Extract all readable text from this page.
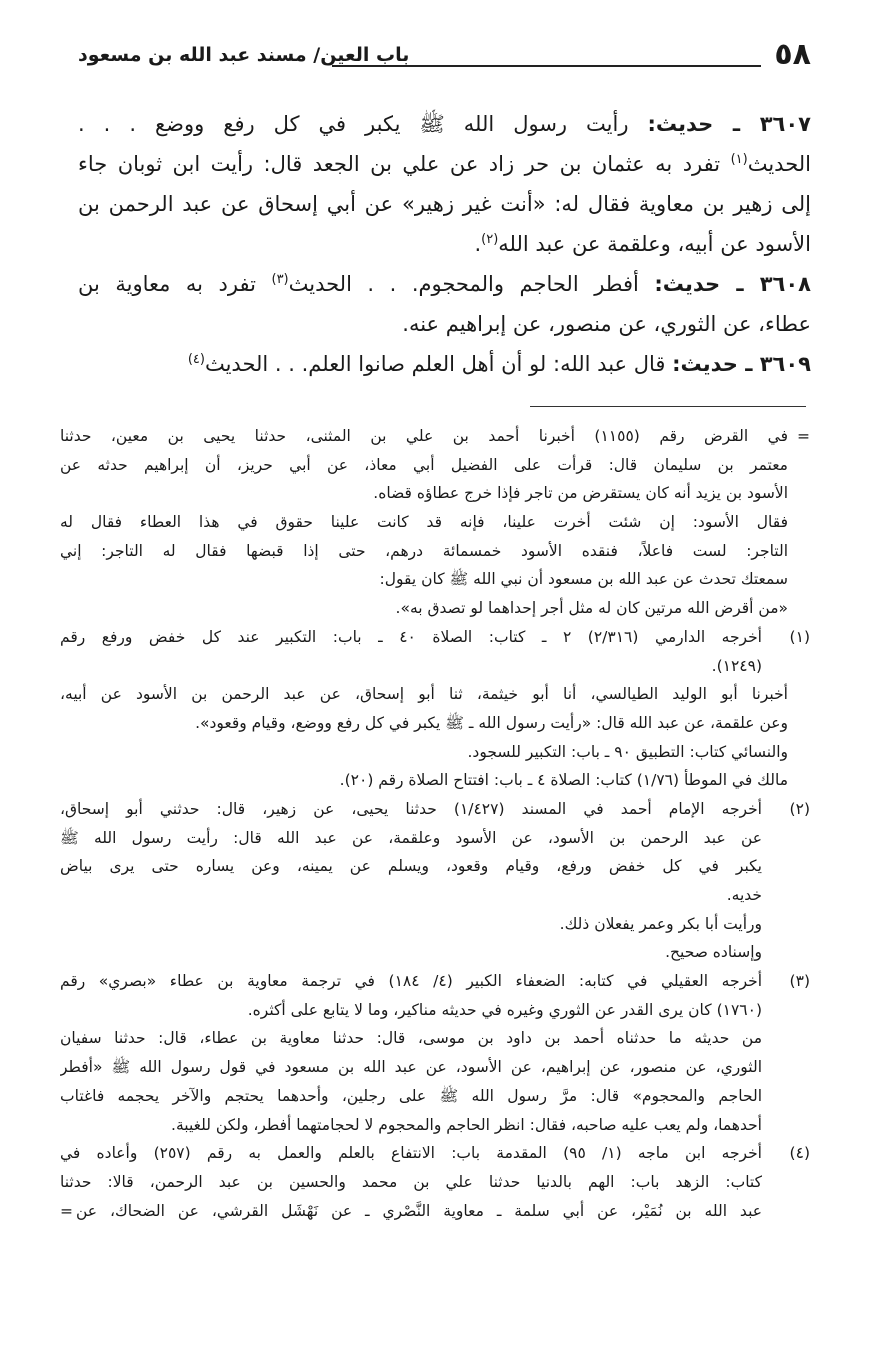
٥٨
باب العين/ مسند عبد الله بن مسعود
٣٦٠٧ ـ حديث: رأيت رسول الله ﷺ يكبر في كل رفع ووضع . . .
الحديث$^{(١)}$ تفرد به عثمان بن حر زاد عن علي بن الجعد قال: رأيت ابن ثوبان جاء
إلى زهير بن معاوية فقال له: «أنت غير زهير» عن أبي إسحاق عن عبد الرحمن بن
الأسود عن أبيه، وعلقمة عن عبد الله$^{(٢)}$.
٣٦٠٨ ـ حديث: أفطر الحاجم والمحجوم. . . الحديث$^{(٣)}$ تفرد به معاوية بن
عطاء، عن الثوري، عن منصور، عن إبراهيم عنه.
٣٦٠٩ ـ حديث: قال عبد الله: لو أن أهل العلم صانوا العلم. . . الحديث$^{(٤)}$
=
في القرض رقم (١١٥٥) أخبرنا أحمد بن علي بن المثنى، حدثنا يحيى بن معين، حدثنا
معتمر بن سليمان قال: قرأت على الفضيل أبي معاذ، عن أبي حريز، أن إبراهيم حدثه عن
الأسود بن يزيد أنه كان يستقرض من تاجر فإذا خرج عطاؤه قضاه.
فقال الأسود: إن شئت أخرت علينا، فإنه قد كانت علينا حقوق في هذا العطاء فقال له
التاجر: لست فاعلاً، فنقده الأسود خمسمائة درهم، حتى إذا قبضها فقال له التاجر: إني
سمعتك تحدث عن عبد الله بن مسعود أن نبي الله ﷺ كان يقول:
«من أقرض الله مرتين كان له مثل أجر إحداهما لو تصدق به».
(١)
أخرجه الدارمي (٢/٣١٦) ٢ ـ كتاب: الصلاة ٤٠ ـ باب: التكبير عند كل خفض ورفع رقم
(١٢٤٩).
أخبرنا أبو الوليد الطيالسي، أنا أبو خيثمة، ثنا أبو إسحاق، عن عبد الرحمن بن الأسود عن أبيه،
وعن علقمة، عن عبد الله قال: «رأيت رسول الله ـ ﷺ يكبر في كل رفع ووضع، وقيام وقعود».
والنسائي كتاب: التطبيق ٩٠ ـ باب: التكبير للسجود.
مالك في الموطأ (١/٧٦) كتاب: الصلاة ٤ ـ باب: افتتاح الصلاة رقم (٢٠).
(٢)
أخرجه الإمام أحمد في المسند (١/٤٢٧) حدثنا يحيى، عن زهير، قال: حدثني أبو إسحاق،
عن عبد الرحمن بن الأسود، عن الأسود وعلقمة، عن عبد الله قال: رأيت رسول الله ﷺ
يكبر في كل خفض ورفع، وقيام وقعود، ويسلم عن يمينه، وعن يساره حتى يرى بياض
خديه.
ورأيت أبا بكر وعمر يفعلان ذلك.
وإسناده صحيح.
(٣)
أخرجه العقيلي في كتابه: الضعفاء الكبير (٤/ ١٨٤) في ترجمة معاوية بن عطاء «بصري» رقم
(١٧٦٠) كان يرى القدر عن الثوري وغيره في حديثه مناكير، وما لا يتابع على أكثره.
من حديثه ما حدثناه أحمد بن داود بن موسى، قال: حدثنا معاوية بن عطاء، قال: حدثنا سفيان
الثوري، عن منصور، عن إبراهيم، عن الأسود، عن عبد الله بن مسعود في قول رسول الله ﷺ «أفطر
الحاجم والمحجوم» قال: مرَّ رسول الله ﷺ على رجلين، وأحدهما يحتجم والآخر يحجمه فاغتاب
أحدهما، ولم يعب عليه صاحبه، فقال: انظر الحاجم والمحجوم لا لحجامتهما أفطر، ولكن للغيبة.
(٤)
أخرجه ابن ماجه (١/ ٩٥) المقدمة باب: الانتفاع بالعلم والعمل به رقم (٢٥٧) وأعاده في
كتاب: الزهد باب: الهم بالدنيا حدثنا علي بن محمد والحسين بن عبد الرحمن، قالا: حدثنا
= عبد الله بن نُمَيْر، عن أبي سلمة ـ معاوية النَّصْري ـ عن نَهْشَل القرشي، عن الضحاك، عن
